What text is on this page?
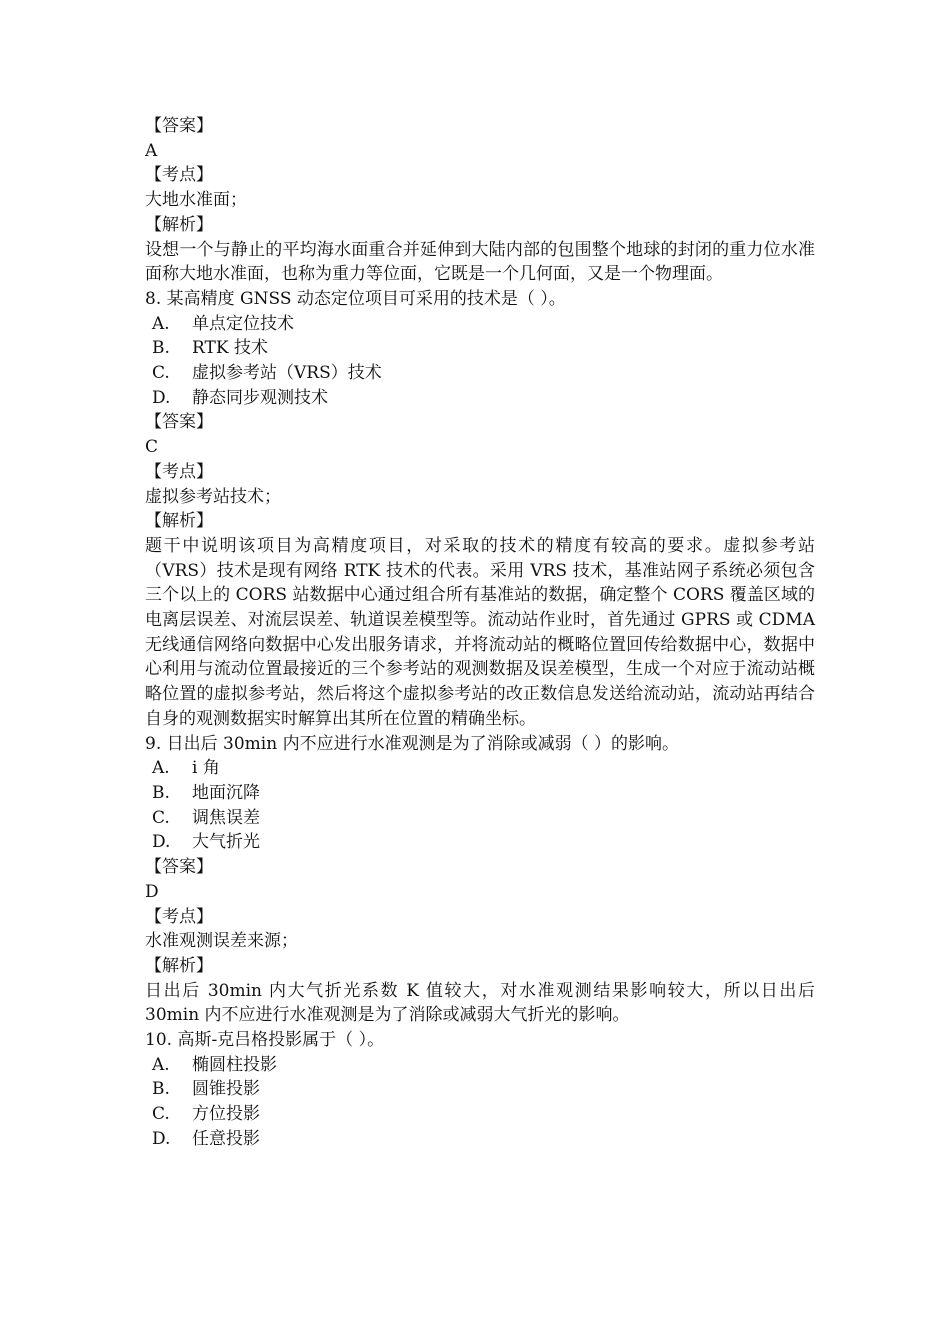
【答案】
A
【考点】
大地水准面；
【解析】

设想一个与静止的平均海水面重合并延伸到大陆内部的包围整个地球的封闭的重力位水准面称大地水准面，也称为重力等位面，它既是一个几何面，又是一个物理面。

8. 某高精度 GNSS 动态定位项目可采用的技术是（ ）。
A. 单点定位技术
B. RTK 技术
C. 虚拟参考站（VRS）技术
D. 静态同步观测技术
【答案】
C
【考点】
虚拟参考站技术；
【解析】

题干中说明该项目为高精度项目，对采取的技术的精度有较高的要求。虚拟参考站（VRS）技术是现有网络 RTK 技术的代表。采用 VRS 技术，基准站网子系统必须包含三个以上的 CORS 站数据中心通过组合所有基准站的数据，确定整个 CORS 覆盖区域的电离层误差、对流层误差、轨道误差模型等。流动站作业时，首先通过 GPRS 或 CDMA 无线通信网络向数据中心发出服务请求，并将流动站的概略位置回传给数据中心，数据中心利用与流动位置最接近的三个参考站的观测数据及误差模型，生成一个对应于流动站概略位置的虚拟参考站，然后将这个虚拟参考站的改正数信息发送给流动站，流动站再结合自身的观测数据实时解算出其所在位置的精确坐标。

9. 日出后 30min 内不应进行水准观测是为了消除或减弱（ ）的影响。
A. i 角
B. 地面沉降
C. 调焦误差
D. 大气折光
【答案】
D
【考点】
水准观测误差来源；
【解析】

日出后 30min 内大气折光系数 K 值较大，对水准观测结果影响较大，所以日出后 30min 内不应进行水准观测是为了消除或减弱大气折光的影响。

10. 高斯-克吕格投影属于（ ）。
A. 椭圆柱投影
B. 圆锥投影
C. 方位投影
D. 任意投影
